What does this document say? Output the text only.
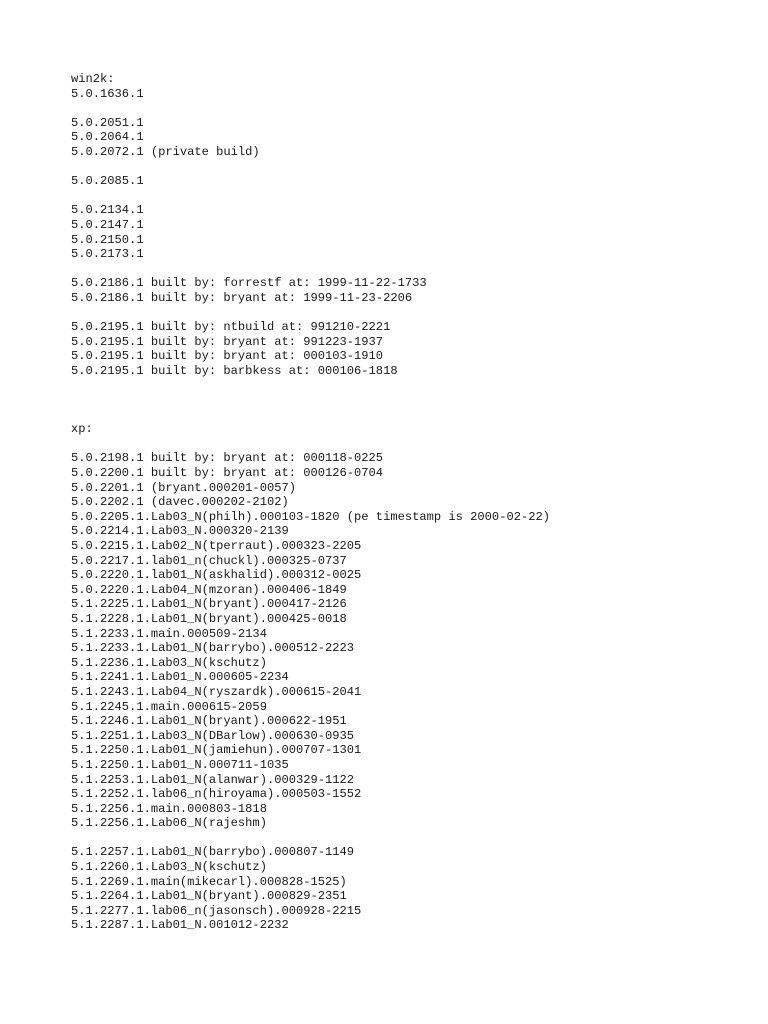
win2k:
5.0.1636.1
5.0.2051.1
5.0.2064.1
5.0.2072.1 (private build)
5.0.2085.1
5.0.2134.1
5.0.2147.1
5.0.2150.1
5.0.2173.1
5.0.2186.1 built by: forrestf at: 1999-11-22-1733
5.0.2186.1 built by: bryant at: 1999-11-23-2206
5.0.2195.1 built by: ntbuild at: 991210-2221
5.0.2195.1 built by: bryant at: 991223-1937
5.0.2195.1 built by: bryant at: 000103-1910
5.0.2195.1 built by: barbkess at: 000106-1818
xp:
5.0.2198.1 built by: bryant at: 000118-0225
5.0.2200.1 built by: bryant at: 000126-0704
5.0.2201.1 (bryant.000201-0057)
5.0.2202.1 (davec.000202-2102)
5.0.2205.1.Lab03_N(philh).000103-1820 (pe timestamp is 2000-02-22)
5.0.2214.1.Lab03_N.000320-2139
5.0.2215.1.Lab02_N(tperraut).000323-2205
5.0.2217.1.lab01_n(chuckl).000325-0737
5.0.2220.1.lab01_N(askhalid).000312-0025
5.0.2220.1.Lab04_N(mzoran).000406-1849
5.1.2225.1.Lab01_N(bryant).000417-2126
5.1.2228.1.Lab01_N(bryant).000425-0018
5.1.2233.1.main.000509-2134
5.1.2233.1.Lab01_N(barrybo).000512-2223
5.1.2236.1.Lab03_N(kschutz)
5.1.2241.1.Lab01_N.000605-2234
5.1.2243.1.Lab04_N(ryszardk).000615-2041
5.1.2245.1.main.000615-2059
5.1.2246.1.Lab01_N(bryant).000622-1951
5.1.2251.1.Lab03_N(DBarlow).000630-0935
5.1.2250.1.Lab01_N(jamiehun).000707-1301
5.1.2250.1.Lab01_N.000711-1035
5.1.2253.1.Lab01_N(alanwar).000329-1122
5.1.2252.1.lab06_n(hiroyama).000503-1552
5.1.2256.1.main.000803-1818
5.1.2256.1.Lab06_N(rajeshm)
5.1.2257.1.Lab01_N(barrybo).000807-1149
5.1.2260.1.Lab03_N(kschutz)
5.1.2269.1.main(mikecarl).000828-1525)
5.1.2264.1.Lab01_N(bryant).000829-2351
5.1.2277.1.lab06_n(jasonsch).000928-2215
5.1.2287.1.Lab01_N.001012-2232
